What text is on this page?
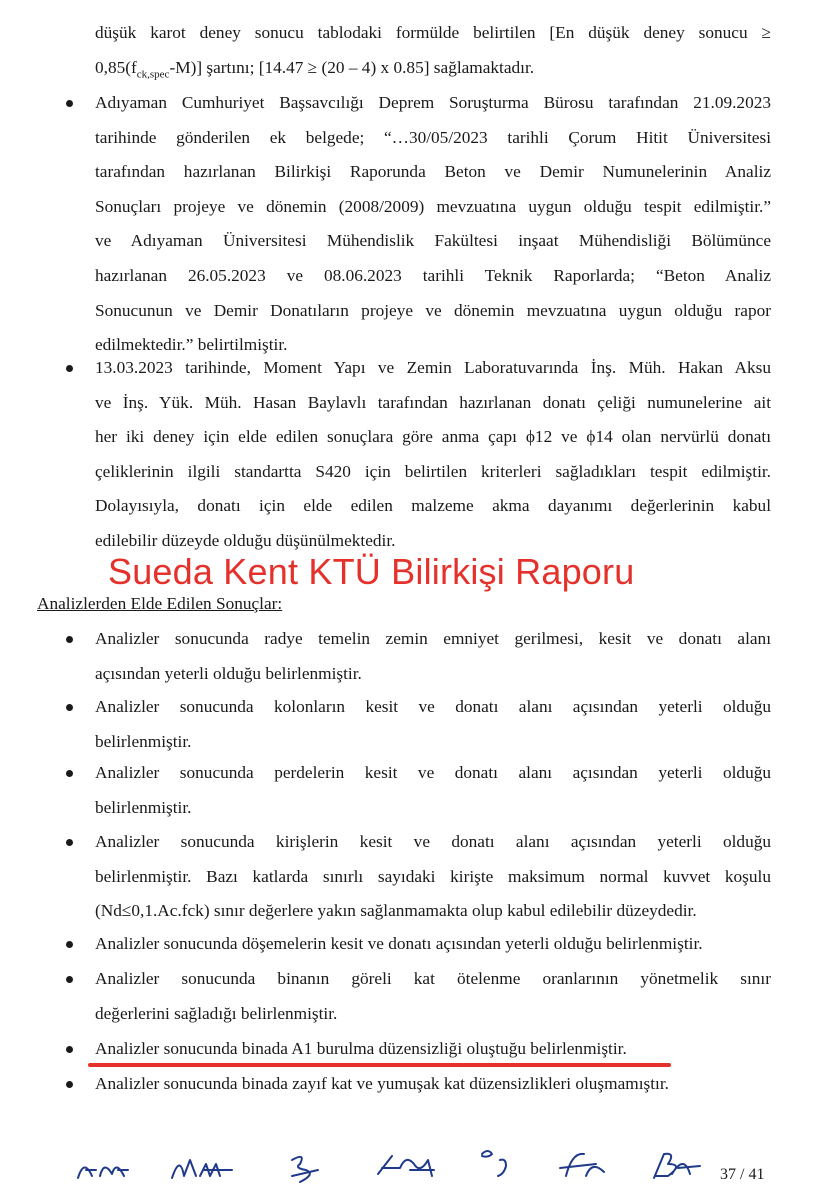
düşük karot deney sonucu tablodaki formülde belirtilen [En düşük deney sonucu ≥
$0,85(f_{ck,spec}-M)$] şartını; [14.47 ≥ (20 – 4) x 0.85] sağlamaktadır.
Adıyaman Cumhuriyet Başsavcılığı Deprem Soruşturma Bürosu tarafından 21.09.2023
tarihinde gönderilen ek belgede; “…30/05/2023 tarihli Çorum Hitit Üniversitesi
tarafından hazırlanan Bilirkişi Raporunda Beton ve Demir Numunelerinin Analiz
Sonuçları projeye ve dönemin (2008/2009) mevzuatına uygun olduğu tespit edilmiştir.”
ve Adıyaman Üniversitesi Mühendislik Fakültesi inşaat Mühendisliği Bölümünce
hazırlanan 26.05.2023 ve 08.06.2023 tarihli Teknik Raporlarda; “Beton Analiz
Sonucunun ve Demir Donatıların projeye ve dönemin mevzuatına uygun olduğu rapor
edilmektedir.” belirtilmiştir.
13.03.2023 tarihinde, Moment Yapı ve Zemin Laboratuvarında İnş. Müh. Hakan Aksu
ve İnş. Yük. Müh. Hasan Baylavlı tarafından hazırlanan donatı çeliği numunelerine ait
her iki deney için elde edilen sonuçlara göre anma çapı ϕ12 ve ϕ14 olan nervürlü donatı
çeliklerinin ilgili standartta S420 için belirtilen kriterleri sağladıkları tespit edilmiştir.
Dolayısıyla, donatı için elde edilen malzeme akma dayanımı değerlerinin kabul
edilebilir düzeyde olduğu düşünülmektedir.
Sueda Kent KTÜ Bilirkişi Raporu
Analizlerden Elde Edilen Sonuçlar:
Analizler sonucunda radye temelin zemin emniyet gerilmesi, kesit ve donatı alanı
açısından yeterli olduğu belirlenmiştir.
Analizler sonucunda kolonların kesit ve donatı alanı açısından yeterli olduğu
belirlenmiştir.
Analizler sonucunda perdelerin kesit ve donatı alanı açısından yeterli olduğu
belirlenmiştir.
Analizler sonucunda kirişlerin kesit ve donatı alanı açısından yeterli olduğu
belirlenmiştir. Bazı katlarda sınırlı sayıdaki kirişte maksimum normal kuvvet koşulu
(Nd≤0,1.Ac.fck) sınır değerlere yakın sağlanmamakta olup kabul edilebilir düzeydedir.
Analizler sonucunda döşemelerin kesit ve donatı açısından yeterli olduğu belirlenmiştir.
Analizler sonucunda binanın göreli kat ötelenme oranlarının yönetmelik sınır
değerlerini sağladığı belirlenmiştir.
Analizler sonucunda binada A1 burulma düzensizliği oluştuğu belirlenmiştir.
Analizler sonucunda binada zayıf kat ve yumuşak kat düzensizlikleri oluşmamıştır.
37 / 41
